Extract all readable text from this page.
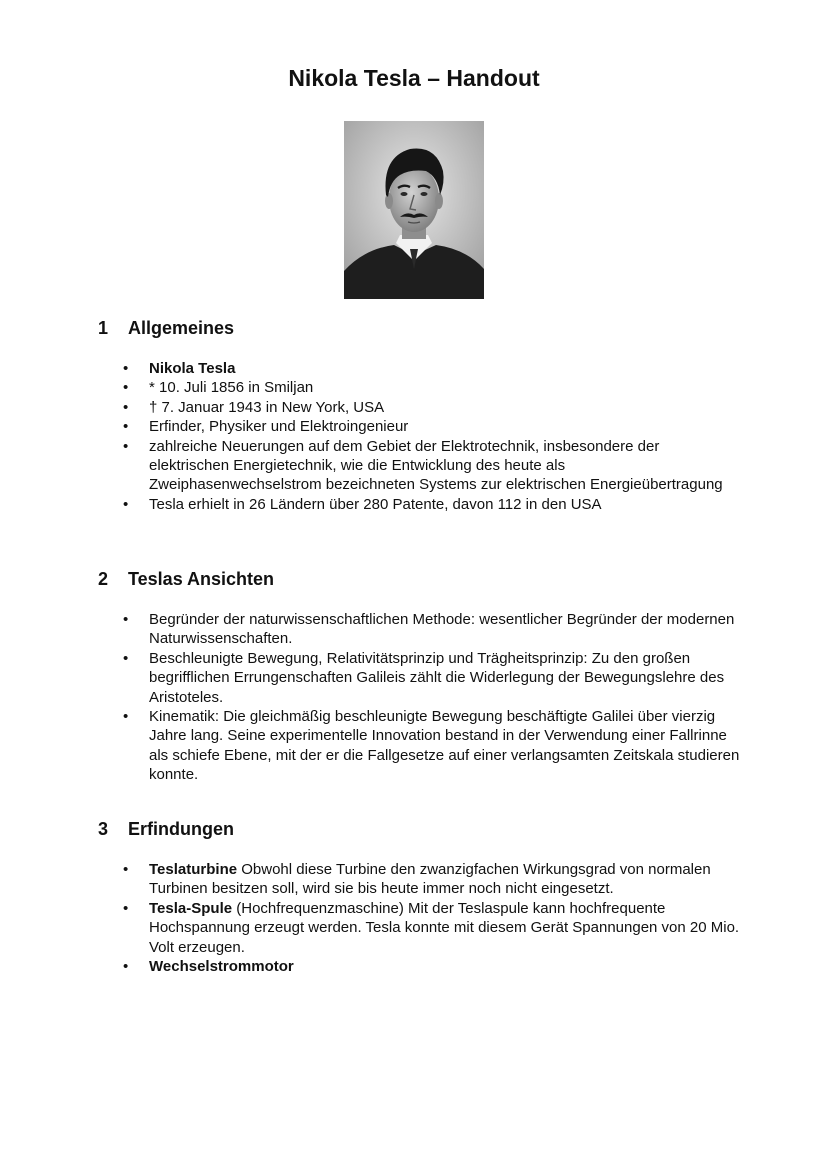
Nikola Tesla – Handout
1 Allgemeines
• Nikola Tesla
• * 10. Juli 1856 in Smiljan
• † 7. Januar 1943 in New York, USA
• Erfinder, Physiker und Elektroingenieur
• zahlreiche Neuerungen auf dem Gebiet der Elektrotechnik, insbesondere der elektrischen Energietechnik, wie die Entwicklung des heute als Zweiphasenwechselstrom bezeichneten Systems zur elektrischen Energieübertragung
• Tesla erhielt in 26 Ländern über 280 Patente, davon 112 in den USA
2 Teslas Ansichten
• Begründer der naturwissenschaftlichen Methode: wesentlicher Begründer der modernen Naturwissenschaften.
• Beschleunigte Bewegung, Relativitätsprinzip und Trägheitsprinzip: Zu den großen begrifflichen Errungenschaften Galileis zählt die Widerlegung der Bewegungslehre des Aristoteles.
• Kinematik: Die gleichmäßig beschleunigte Bewegung beschäftigte Galilei über vierzig Jahre lang. Seine experimentelle Innovation bestand in der Verwendung einer Fallrinne als schiefe Ebene, mit der er die Fallgesetze auf einer verlangsamten Zeitskala studieren konnte.
3 Erfindungen
• Teslaturbine Obwohl diese Turbine den zwanzigfachen Wirkungsgrad von normalen Turbinen besitzen soll, wird sie bis heute immer noch nicht eingesetzt.
• Tesla-Spule (Hochfrequenzmaschine) Mit der Teslaspule kann hochfrequente Hochspannung erzeugt werden. Tesla konnte mit diesem Gerät Spannungen von 20 Mio. Volt erzeugen.
• Wechselstrommotor
